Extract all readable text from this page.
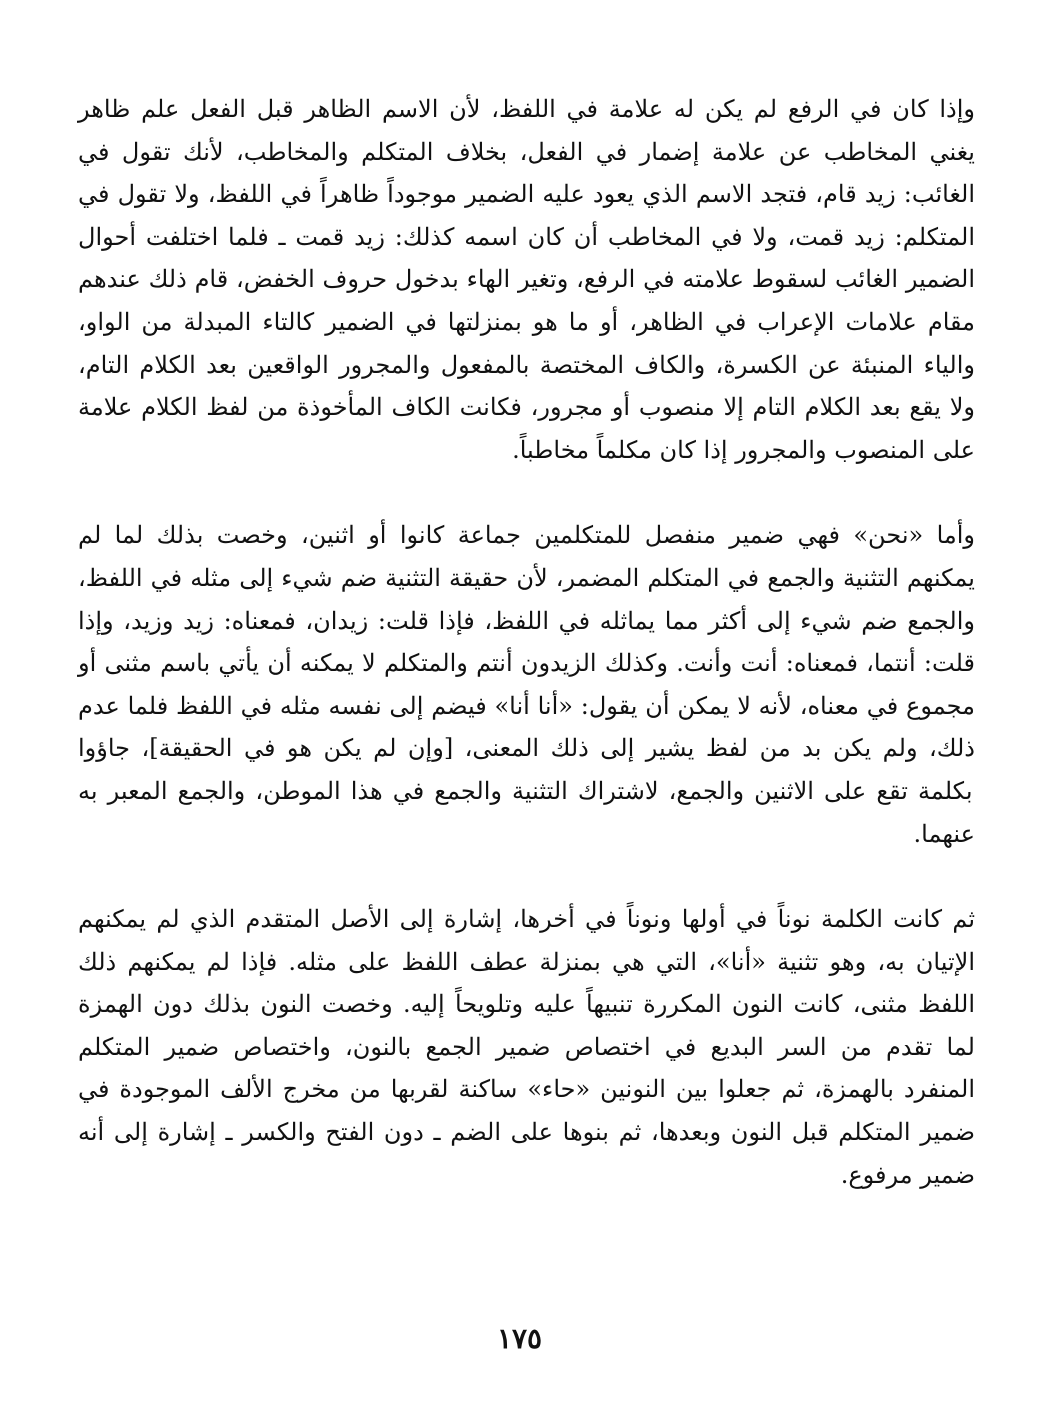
وإذا كان في الرفع لم يكن له علامة في اللفظ، لأن الاسم الظاهر قبل الفعل علم ظاهر يغني المخاطب عن علامة إضمار في الفعل، بخلاف المتكلم والمخاطب، لأنك تقول في الغائب: زيد قام، فتجد الاسم الذي يعود عليه الضمير موجوداً ظاهراً في اللفظ، ولا تقول في المتكلم: زيد قمت، ولا في المخاطب أن كان اسمه كذلك: زيد قمت ـ فلما اختلفت أحوال الضمير الغائب لسقوط علامته في الرفع، وتغير الهاء بدخول حروف الخفض، قام ذلك عندهم مقام علامات الإعراب في الظاهر، أو ما هو بمنزلتها في الضمير كالتاء المبدلة من الواو، والياء المنبئة عن الكسرة، والكاف المختصة بالمفعول والمجرور الواقعين بعد الكلام التام، ولا يقع بعد الكلام التام إلا منصوب أو مجرور، فكانت الكاف المأخوذة من لفظ الكلام علامة على المنصوب والمجرور إذا كان مكلماً مخاطباً.

وأما «نحن» فهي ضمير منفصل للمتكلمين جماعة كانوا أو اثنين، وخصت بذلك لما لم يمكنهم التثنية والجمع في المتكلم المضمر، لأن حقيقة التثنية ضم شيء إلى مثله في اللفظ، والجمع ضم شيء إلى أكثر مما يماثله في اللفظ، فإذا قلت: زيدان، فمعناه: زيد وزيد، وإذا قلت: أنتما، فمعناه: أنت وأنت. وكذلك الزيدون أنتم والمتكلم لا يمكنه أن يأتي باسم مثنى أو مجموع في معناه، لأنه لا يمكن أن يقول: «أنا أنا» فيضم إلى نفسه مثله في اللفظ فلما عدم ذلك، ولم يكن بد من لفظ يشير إلى ذلك المعنى، [وإن لم يكن هو في الحقيقة]، جاؤوا بكلمة تقع على الاثنين والجمع، لاشتراك التثنية والجمع في هذا الموطن، والجمع المعبر به عنهما.

ثم كانت الكلمة نوناً في أولها ونوناً في أخرها، إشارة إلى الأصل المتقدم الذي لم يمكنهم الإتيان به، وهو تثنية «أنا»، التي هي بمنزلة عطف اللفظ على مثله. فإذا لم يمكنهم ذلك اللفظ مثنى، كانت النون المكررة تنبيهاً عليه وتلويحاً إليه. وخصت النون بذلك دون الهمزة لما تقدم من السر البديع في اختصاص ضمير الجمع بالنون، واختصاص ضمير المتكلم المنفرد بالهمزة، ثم جعلوا بين النونين «حاء» ساكنة لقربها من مخرج الألف الموجودة في ضمير المتكلم قبل النون وبعدها، ثم بنوها على الضم ـ دون الفتح والكسر ـ إشارة إلى أنه ضمير مرفوع.

١٧٥
